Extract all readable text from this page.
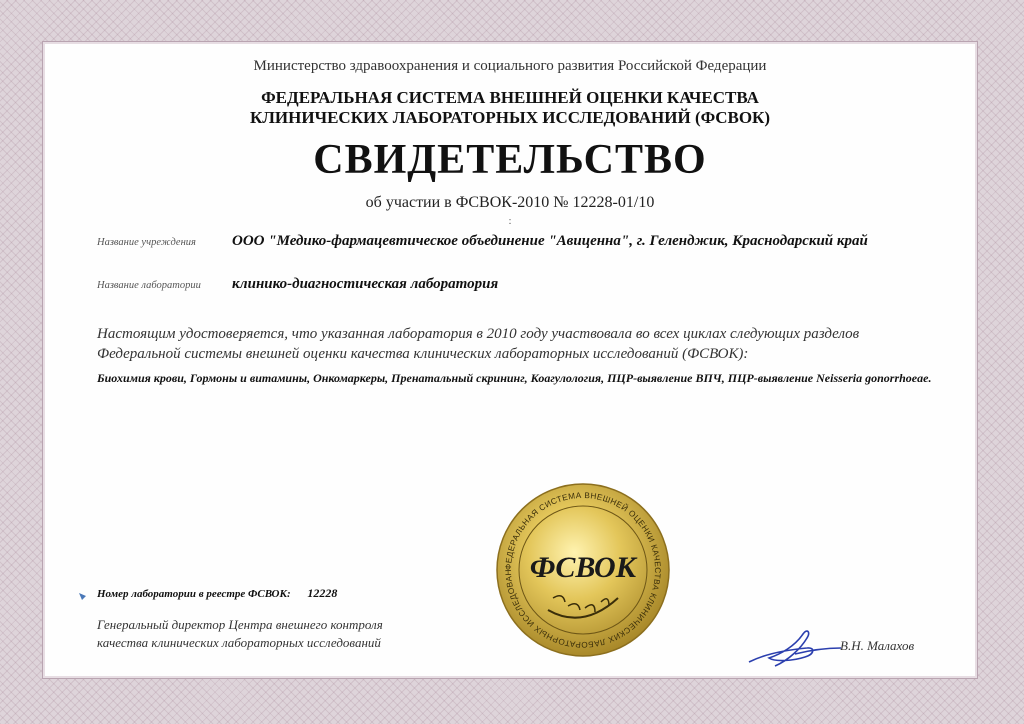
Министерство здравоохранения и социального развития Российской Федерации
ФЕДЕРАЛЬНАЯ СИСТЕМА ВНЕШНЕЙ ОЦЕНКИ КАЧЕСТВА
КЛИНИЧЕСКИХ ЛАБОРАТОРНЫХ ИССЛЕДОВАНИЙ (ФСВОК)
СВИДЕТЕЛЬСТВО
об участии в ФСВОК-2010 № 12228-01/10
:
Название учреждения ООО "Медико-фармацевтическое объединение "Авиценна", г. Геленджик, Краснодарский край
Название лаборатории клинико-диагностическая лаборатория
Настоящим удостоверяется, что указанная лаборатория в 2010 году участвовала во всех циклах следующих разделов
Федеральной системы внешней оценки качества клинических лабораторных исследований (ФСВОК):
Биохимия крови, Гормоны и витамины, Онкомаркеры, Пренатальный скрининг, Коагулология, ПЦР-выявление ВПЧ, ПЦР-выявление Neisseria gonorrhoeae.
Номер лаборатории в реестре ФСВОК: 12228
Генеральный директор Центра внешнего контроля
качества клинических лабораторных исследований
ФЕДЕРАЛЬНАЯ СИСТЕМА ВНЕШНЕЙ ОЦЕНКИ КАЧЕСТВА КЛИНИЧЕСКИХ ЛАБОРАТОРНЫХ ИССЛЕДОВАН ФСВОК
В.Н. Малахов
